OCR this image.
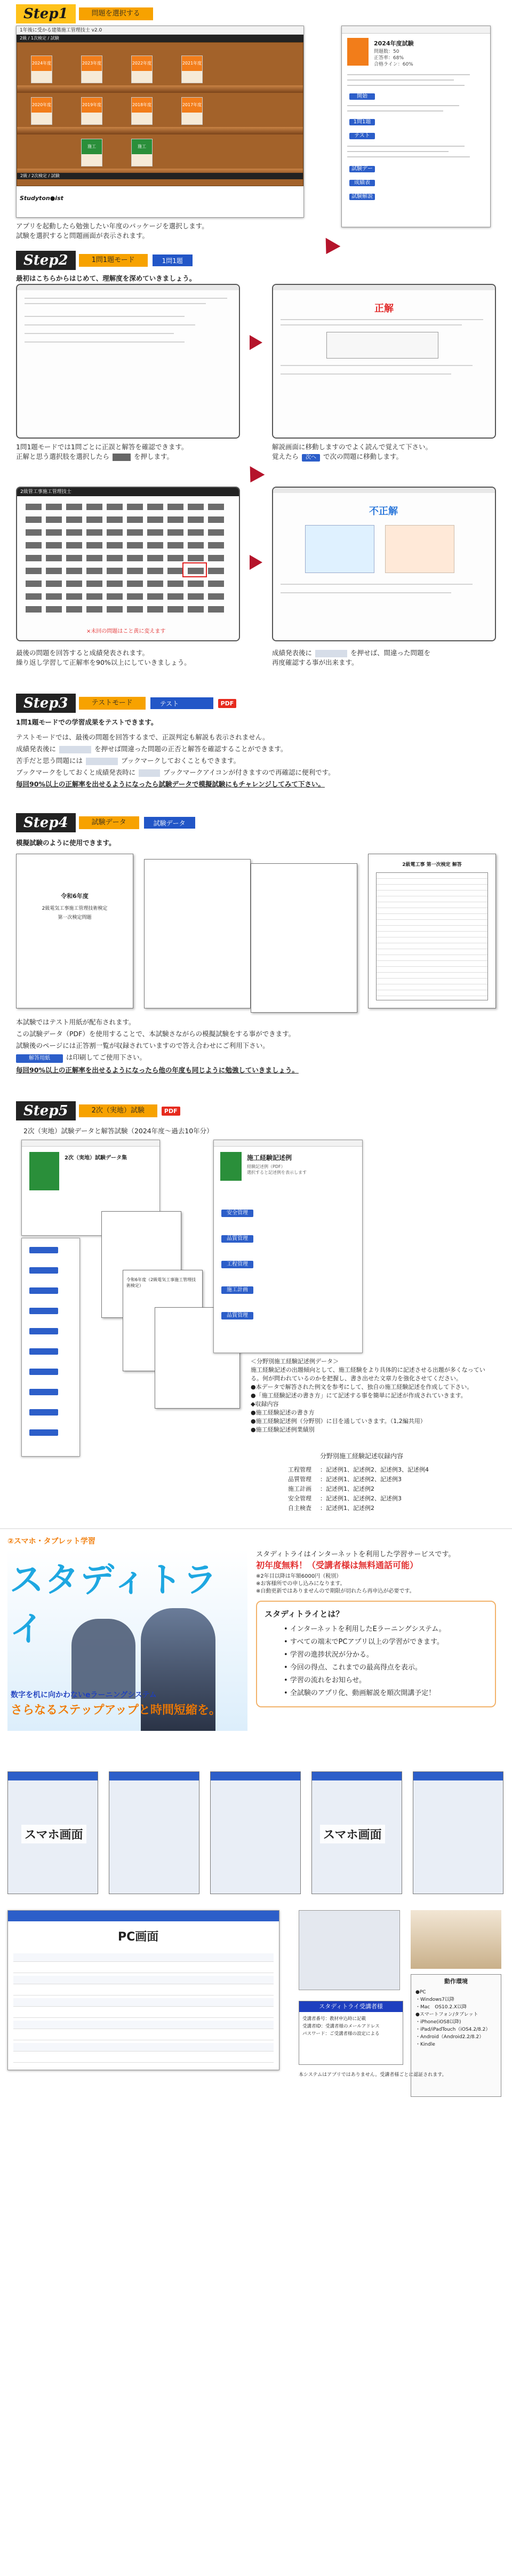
Step1	問題を選択する
1年後に受かる建築施工管理技士 v2.0
2級 / 1次検定 / 試験
2級 / 2次検定 / 試験
2024年度	2023年度	2022年度	2021年度
2020年度	2019年度	2018年度	2017年度
施工	施工
Studyton●ist
アプリを起動したら勉強したい年度のパッケージを選択します。
試験を選択すると問題画面が表示されます。
2024年度試験
問題数：50
正答率：68%
合格ライン：60%
開始
1問1題
テスト
試験データ
成績表
試験解説
Step2	1問1題モード	1問1題
最初はこちらからはじめて、理解度を深めていきましょう。
正解
1問1題モードでは1問ごとに正誤と解答を確認できます。
正解と思う選択肢を選択したら	を押します。
解説画面に移動しますのでよく読んで覚えて下さい。
覚えたら 次へ で次の問題に移動します。
2級管工事施工管理技士
×未回の問題はこと黄に変えます
不正解
最後の問題を回答すると成績発表されます。
繰り返し学習して正解率を90%以上にしていきましょう。
成績発表後に	を押せば、間違った問題を
再度確認する事が出来ます。
Step3	テストモード	テスト	PDF
1問1題モードでの学習成果をテストできます。
テストモードでは、最後の問題を回答するまで、正誤判定も解説も表示されません。
成績発表後に	を押せば間違った問題の正否と解答を確認することができます。
苦手だと思う問題には	ブックマークしておくこともできます。
ブックマークをしておくと成績発表時に	ブックマークアイコンが付きますので再確認に便利です。
毎回90%以上の正解率を出せるようになったら試験データで模擬試験にもチャレンジしてみて下さい。
Step4	試験データ	試験データ
模擬試験のように使用できます。
令和6年度
2級電気工事施工管理技術検定
第一次検定問題
2級電工事 第一次検定 解答
本試験ではテスト用紙が配布されます。
この試験データ（PDF）を使用することで、本試験さながらの模擬試験をする事ができます。
試験後のページには正答割一覧が収録されていますので答え合わせにご利用下さい。
解答用紙 は印刷してご使用下さい。
毎回90%以上の正解率を出せるようになったら他の年度も同じように勉強していきましょう。
Step5	2次（実地）試験	PDF
2次（実地）試験データと解答試験（2024年度〜過去10年分）
2次（実地）試験データ集
令和6年度（2級電気工事施工管理技術検定）
施工経験記述例
経験記述例（PDF）
選択すると記述例を表示します
安全管理
品質管理
工程管理
施工計画
品質管理
＜分野別施工経験記述例データ＞
施工経験記述の出題傾向として、施工経験をより具体的に記述させる出題が多くなっている。何が問われているのかを把握し、書き出せた文章力を強化させてください。
●本データで解答された例文を参考にして、独自の施工経験記述を作成して下さい。
●「施工経験記述の書き方」にて記述する事を簡単に記述が作成されていきます。
◆収録内容
●施工経験記述の書き方
●施工経験記述例（分野別）に目を通していきます。（1,2編共用）
●施工経験記述例業績別
分野別施工経験記述収録内容
工程管理 ：記述例1、記述例2、記述例3、記述例4
品質管理 ：記述例1、記述例2、記述例3
施工計画 ：記述例1、記述例2
安全管理 ：記述例1、記述例2、記述例3
自主検査 ：記述例1、記述例2
②スマホ・タブレット学習
スタディトライ
数字を机に向かわないeラーニングシステム
さらなるステップアップと時間短縮を。
スタディトライはインターネットを利用した学習サービスです。
初年度無料！（受講者様は無料通話可能）
※2年目以降は年額6000円（税別）
※お客様所での申し込みになります。
※自動更新ではありませんので期限が切れたら再申込が必要です。
スタディトライとは？
• インターネットを利用したEラーニングシステム。
• すべての端末でPCアプリ以上の学習ができます。
• 学習の進捗状況が分かる。
• 今回の得点、これまでの最高得点を表示。
• 学習の流れをお知らせ。
• 全試験のアプリ化、動画解説を順次開講予定！
スマホ画面	スマホ画面
PC画面
動作環境
●PC
・Windows7以降
・Mac　OS10.2.X以降
●スマートフォン/タブレット
・iPhone(iOS8以降)
・iPad/iPadTouch（iOS4.2/8.2）
・Android（Android2.2/8.2）
・Kindle
スタディトライ受講者様
受講者番号：教材申込時に記載
受講者ID：受講者様のメールアドレス
パスワード：ご受講者様の設定による
本システムはアプリではありません。受講者様ごとに認証されます。
